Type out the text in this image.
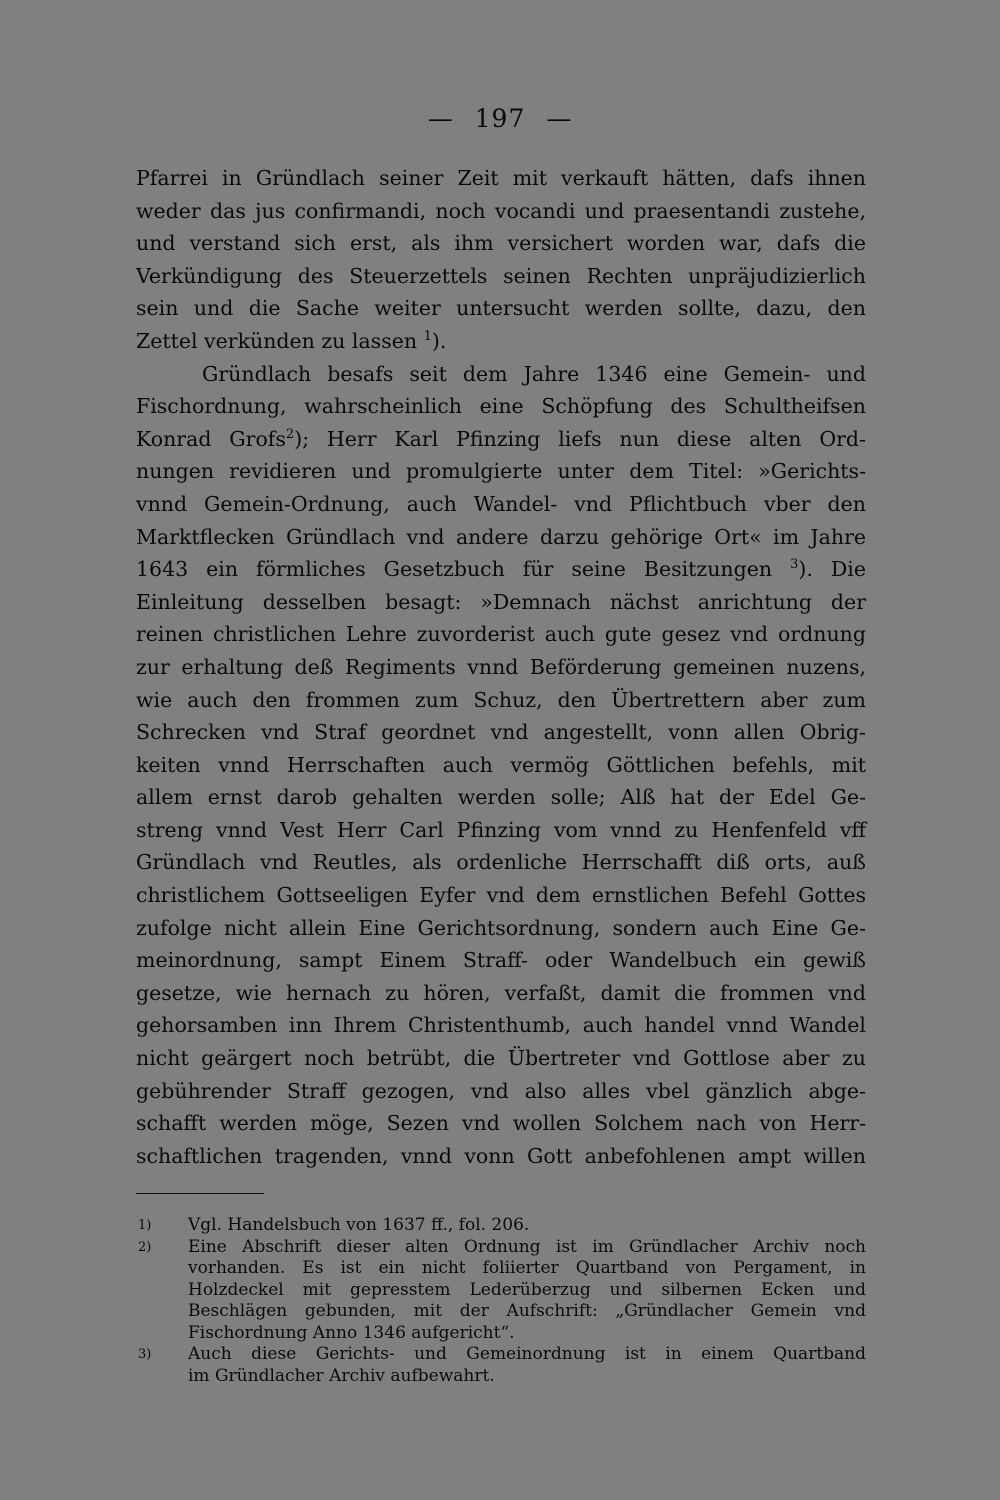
— 197 —
Pfarrei in Gründlach seiner Zeit mit verkauft hätten, dafs ihnen
weder das jus confirmandi, noch vocandi und praesentandi zustehe,
und verstand sich erst, als ihm versichert worden war, dafs die
Verkündigung des Steuerzettels seinen Rechten unpräjudizierlich
sein und die Sache weiter untersucht werden sollte, dazu, den
Zettel verkünden zu lassen $^1$).
Gründlach besafs seit dem Jahre 1346 eine Gemein- und
Fischordnung, wahrscheinlich eine Schöpfung des Schultheifsen
Konrad Grofs$^2$); Herr Karl Pfinzing liefs nun diese alten Ord-
nungen revidieren und promulgierte unter dem Titel: »Gerichts-
vnnd Gemein-Ordnung, auch Wandel- vnd Pflichtbuch vber den
Marktflecken Gründlach vnd andere darzu gehörige Ort« im Jahre
1643 ein förmliches Gesetzbuch für seine Besitzungen $^3$). Die
Einleitung desselben besagt: »Demnach nächst anrichtung der
reinen christlichen Lehre zuvorderist auch gute gesez vnd ordnung
zur erhaltung deß Regiments vnnd Beförderung gemeinen nuzens,
wie auch den frommen zum Schuz, den Übertrettern aber zum
Schrecken vnd Straf geordnet vnd angestellt, vonn allen Obrig-
keiten vnnd Herrschaften auch vermög Göttlichen befehls, mit
allem ernst darob gehalten werden solle; Alß hat der Edel Ge-
streng vnnd Vest Herr Carl Pfinzing vom vnnd zu Henfenfeld vff
Gründlach vnd Reutles, als ordenliche Herrschafft diß orts, auß
christlichem Gottseeligen Eyfer vnd dem ernstlichen Befehl Gottes
zufolge nicht allein Eine Gerichtsordnung, sondern auch Eine Ge-
meinordnung, sampt Einem Straff- oder Wandelbuch ein gewiß
gesetze, wie hernach zu hören, verfaßt, damit die frommen vnd
gehorsamben inn Ihrem Christenthumb, auch handel vnnd Wandel
nicht geärgert noch betrübt, die Übertreter vnd Gottlose aber zu
gebührender Straff gezogen, vnd also alles vbel gänzlich abge-
schafft werden möge, Sezen vnd wollen Solchem nach von Herr-
schaftlichen tragenden, vnnd vonn Gott anbefohlenen ampt willen
1) Vgl. Handelsbuch von 1637 ff., fol. 206.
2) Eine Abschrift dieser alten Ordnung ist im Gründlacher Archiv noch
vorhanden. Es ist ein nicht foliierter Quartband von Pergament, in
Holzdeckel mit gepresstem Lederüberzug und silbernen Ecken und
Beschlägen gebunden, mit der Aufschrift: „Gründlacher Gemein vnd
Fischordnung Anno 1346 aufgericht“.
3) Auch diese Gerichts- und Gemeinordnung ist in einem Quartband
im Gründlacher Archiv aufbewahrt.
